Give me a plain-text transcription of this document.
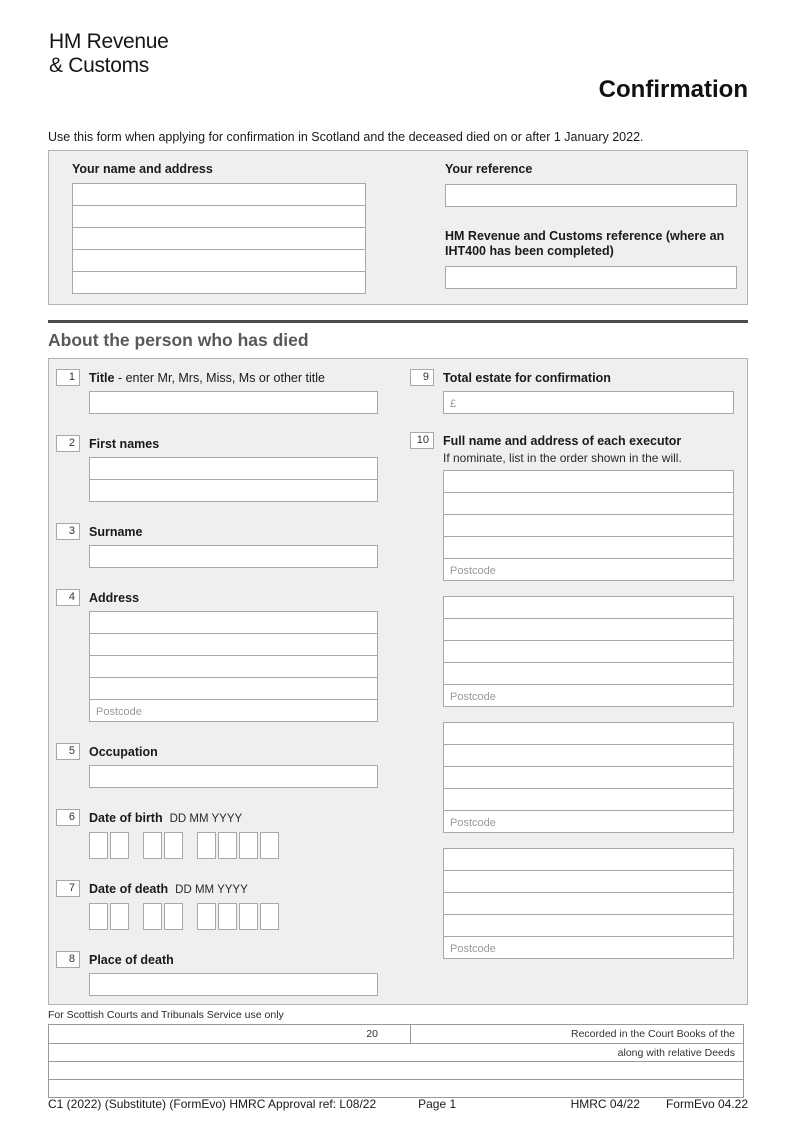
HM Revenue
& Customs
Confirmation
Use this form when applying for confirmation in Scotland and the deceased died on or after 1 January 2022.
Your name and address	Your reference
HM Revenue and Customs reference (where an IHT400 has been completed)
About the person who has died
1	Title - enter Mr, Mrs, Miss, Ms or other title
2	First names
3	Surname
4	Address
Postcode
5	Occupation
6	Date of birth DD MM YYYY
7	Date of death DD MM YYYY
8	Place of death
9	Total estate for confirmation
£
10	Full name and address of each executor
If nominate, list in the order shown in the will.
Postcode
Postcode
Postcode
Postcode
For Scottish Courts and Tribunals Service use only
20	Recorded in the Court Books of the
along with relative Deeds
C1 (2022) (Substitute) (FormEvo) HMRC Approval ref: L08/22	Page 1	HMRC 04/22 FormEvo 04.22
